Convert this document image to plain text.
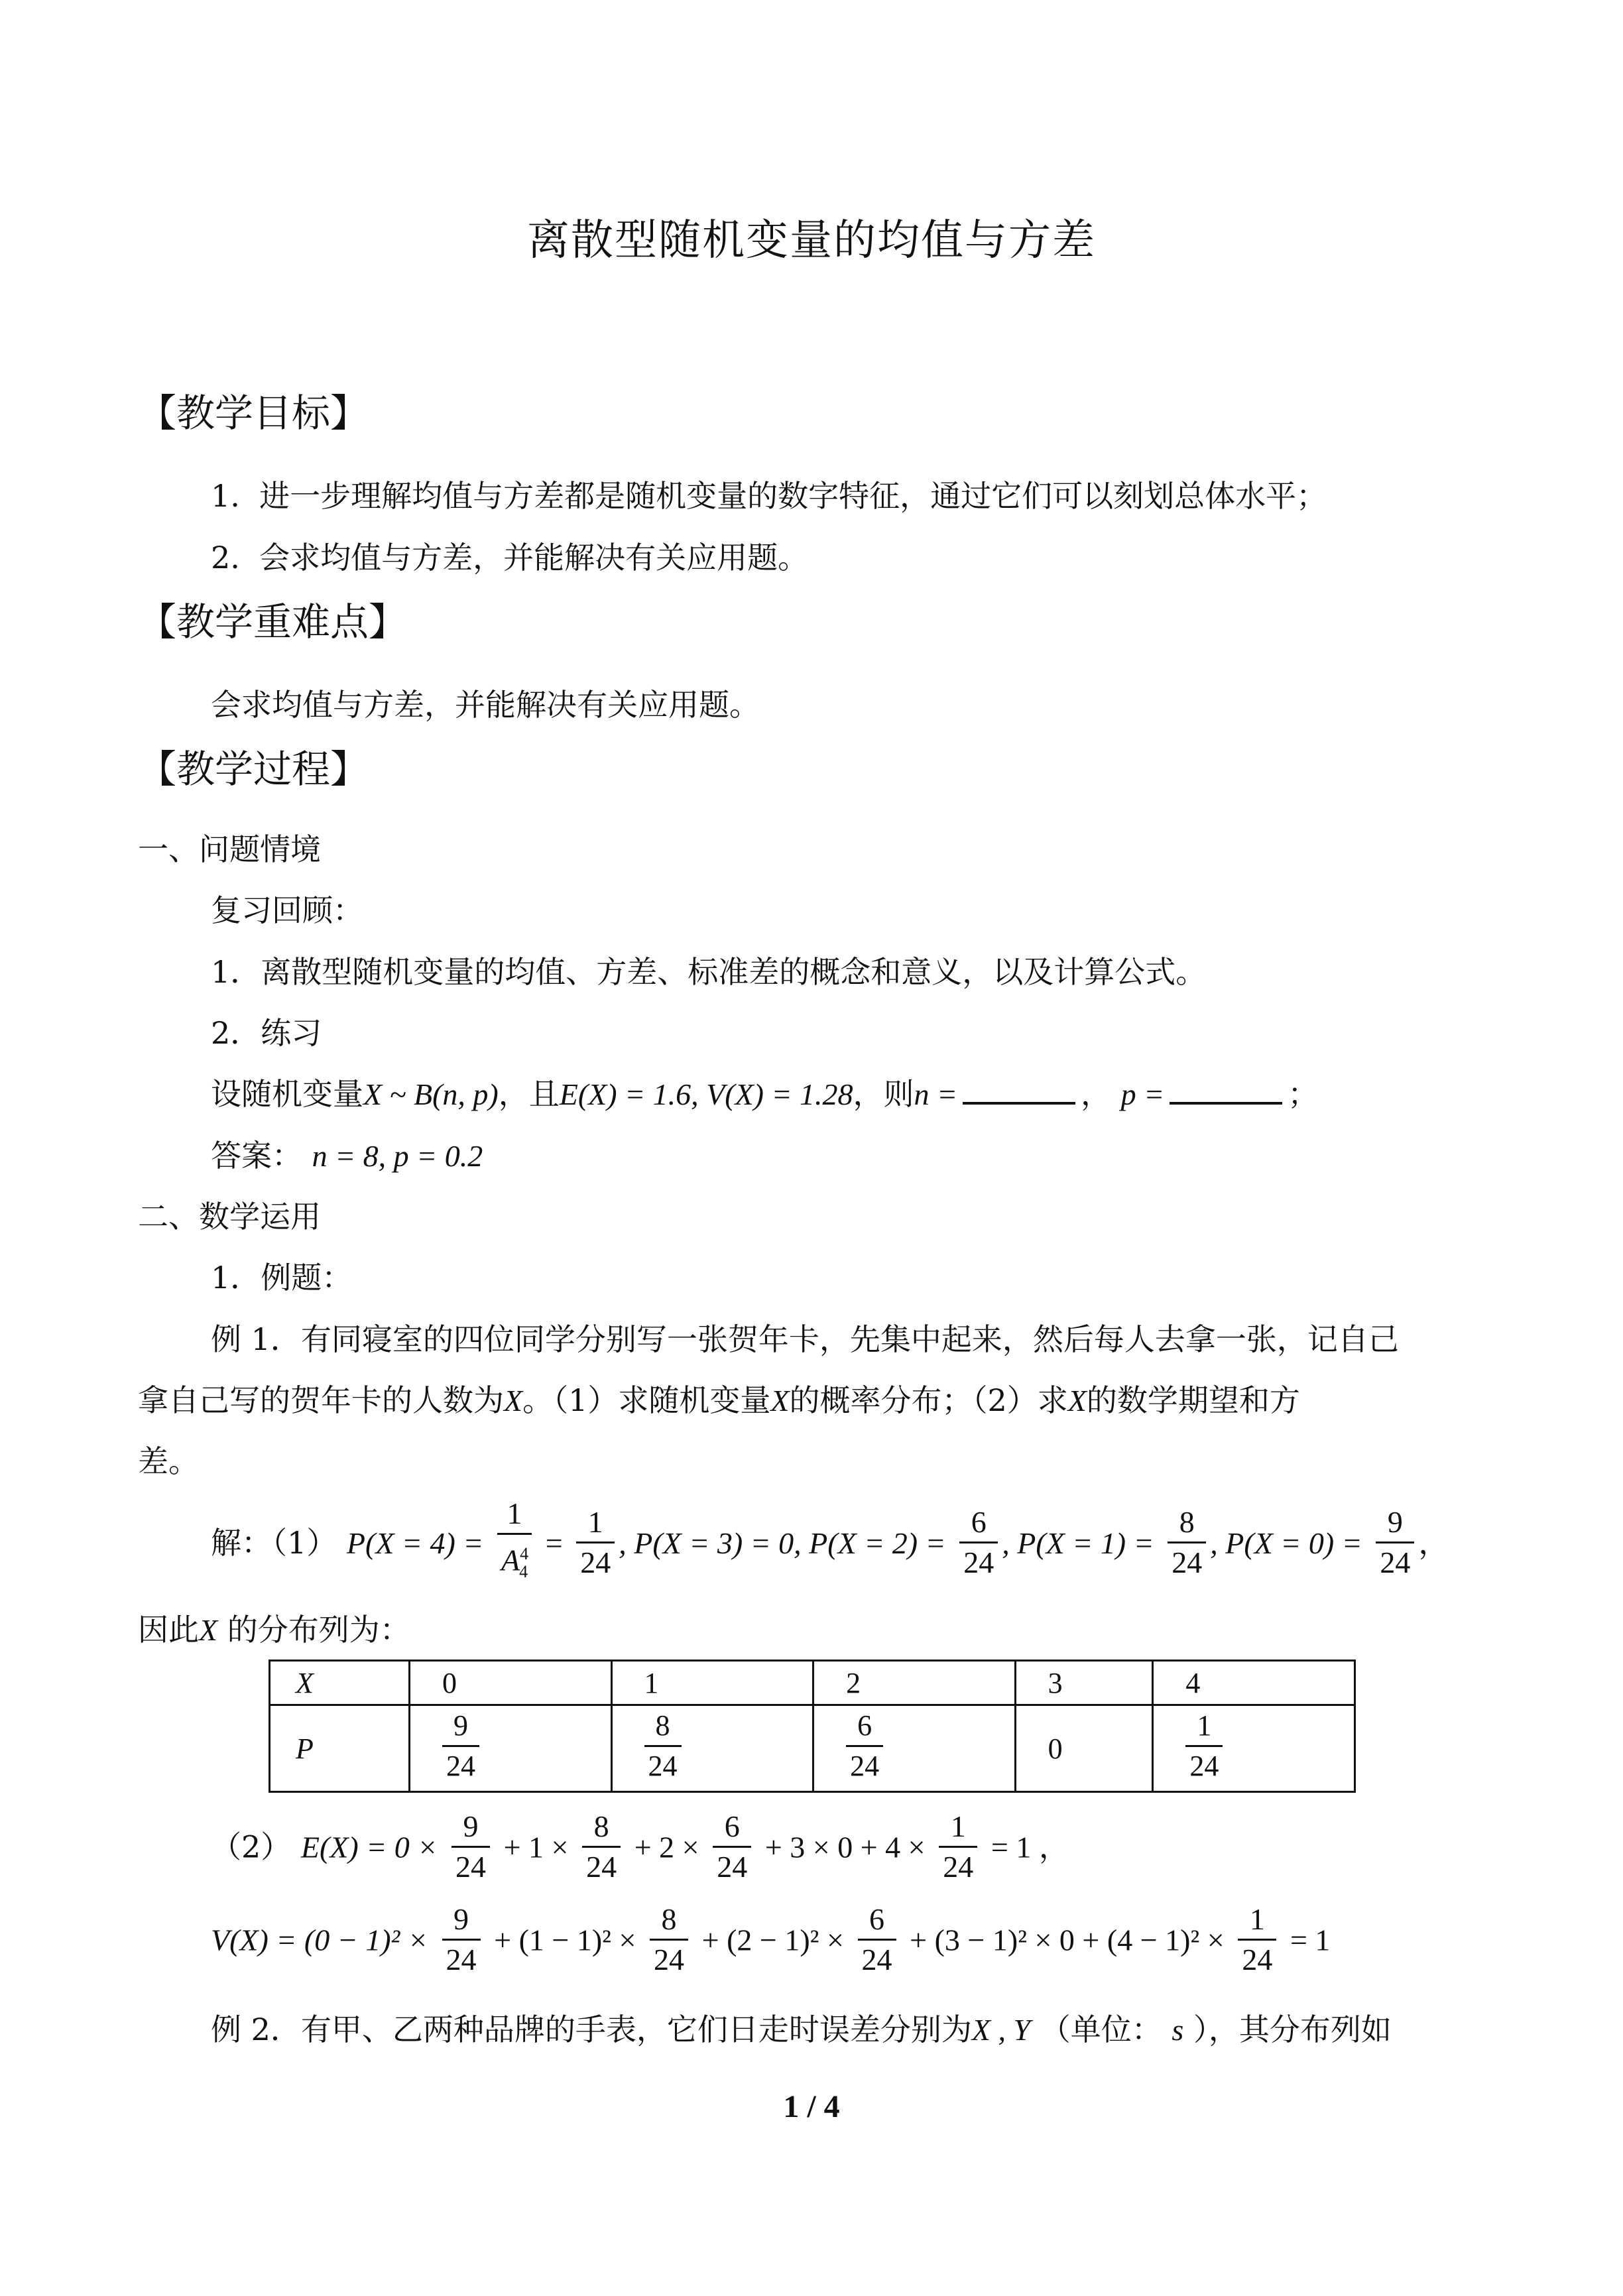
离散型随机变量的均值与方差
【教学目标】
1. 进一步理解均值与方差都是随机变量的数字特征，通过它们可以刻划总体水平；
2. 会求均值与方差，并能解决有关应用题。
【教学重难点】
会求均值与方差，并能解决有关应用题。
【教学过程】
一、问题情境
复习回顾：
1．离散型随机变量的均值、方差、标准差的概念和意义，以及计算公式。
2．练习
设随机变量X ~ B(n, p)，且E(X) = 1.6, V(X) = 1.28，则n =	， p =	；
答案： n = 8, p = 0.2
二、数学运用
1．例题：
例 1．有同寝室的四位同学分别写一张贺年卡，先集中起来，然后每人去拿一张，记自己
拿自己写的贺年卡的人数为X。（1）求随机变量X的概率分布；（2）求X的数学期望和方
差。
解：（1） $P(X = 4) = \frac{1}{A^4_4} = \frac{1}{24}$ , P(X = 3) = 0, $P(X = 2) = \frac{6}{24}$ , $P(X = 1) = \frac{8}{24}$ , $P(X = 0) = \frac{9}{24}$ ，
因此X 的分布列为：
X	0	1	2	3	4
P	$\frac{9}{24}$	$\frac{8}{24}$	$\frac{6}{24}$	0	$\frac{1}{24}$
（2） $E(X) = 0 \times \frac{9}{24} + 1 \times \frac{8}{24} + 2 \times \frac{6}{24} + 3 \times 0 + 4 \times \frac{1}{24} = 1$ ，
$V(X) = (0 - 1)^2 \times \frac{9}{24} + (1 - 1)^2 \times \frac{8}{24} + (2 - 1)^2 \times \frac{6}{24} + (3 - 1)^2 \times 0 + (4 - 1)^2 \times \frac{1}{24} = 1$
例 2．有甲、乙两种品牌的手表，它们日走时误差分别为X , Y （单位： s ），其分布列如
1 / 4
